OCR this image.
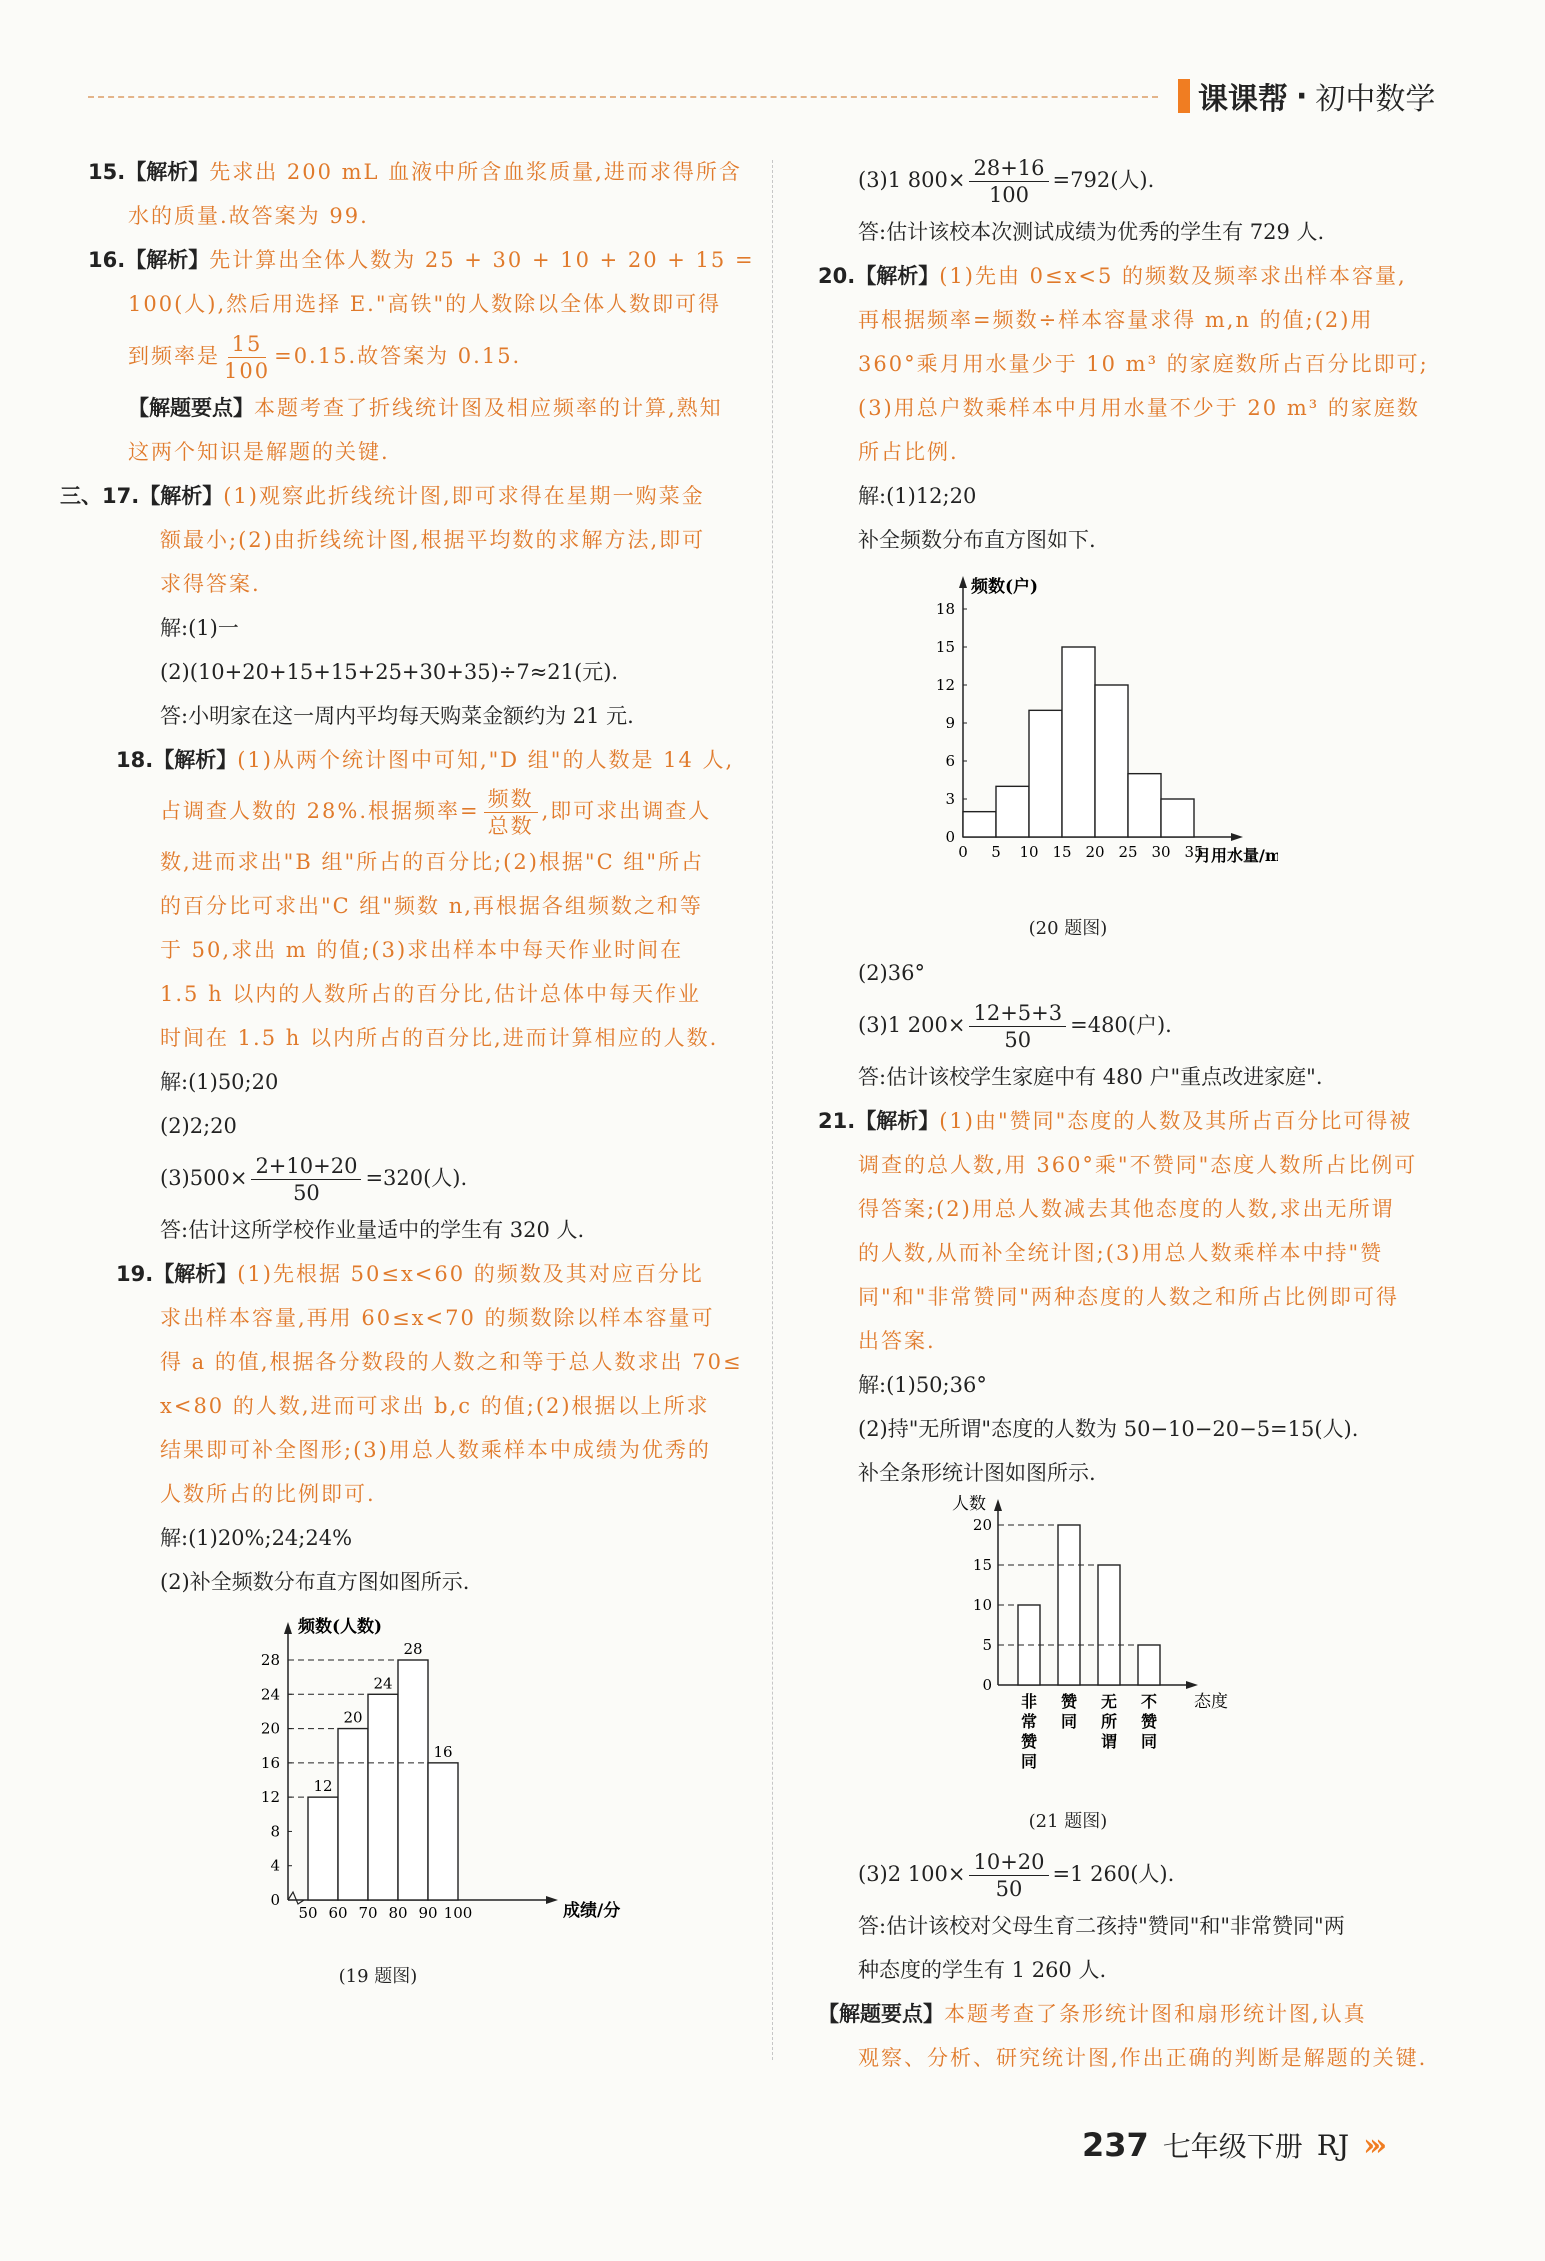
课课帮 · 初中数学
15.【解析】先求出 200 mL 血液中所含血浆质量,进而求得所含
水的质量.故答案为 99.
16.【解析】先计算出全体人数为 25 + 30 + 10 + 20 + 15 =
100(人),然后用选择 E."高铁"的人数除以全体人数即可得
到频率是 $\frac{15}{100} =0.15$.故答案为 0.15.
【解题要点】本题考查了折线统计图及相应频率的计算,熟知
这两个知识是解题的关键.
三、17.【解析】(1)观察此折线统计图,即可求得在星期一购菜金
额最小;(2)由折线统计图,根据平均数的求解方法,即可
求得答案.
解:(1)一
(2)(10+20+15+15+25+30+35)÷7≈21(元).
答:小明家在这一周内平均每天购菜金额约为 21 元.
18.【解析】(1)从两个统计图中可知,"D 组"的人数是 14 人,
占调查人数的 28%.根据频率= $\frac{\text{频数}}{\text{总数}}$ ,即可求出调查人
数,进而求出"B 组"所占的百分比;(2)根据"C 组"所占
的百分比可求出"C 组"频数 n,再根据各组频数之和等
于 50,求出 m 的值;(3)求出样本中每天作业时间在
1.5 h 以内的人数所占的百分比,估计总体中每天作业
时间在 1.5 h 以内所占的百分比,进而计算相应的人数.
解:(1)50;20
(2)2;20
$(3)500\times \frac{2+10+20}{50} =320$(人).
答:估计这所学校作业量适中的学生有 320 人.
19.【解析】(1)先根据 50≤x<60 的频数及其对应百分比
求出样本容量,再用 60≤x<70 的频数除以样本容量可
得 a 的值,根据各分数段的人数之和等于总人数求出 70≤
x<80 的人数,进而可求出 b,c 的值;(2)根据以上所求
结果即可补全图形;(3)用总人数乘样本中成绩为优秀的
人数所占的比例即可.
解:(1)20%;24;24%
(2)补全频数分布直方图如图所示.
频数(人数)
成绩/分
0
4
8
12
16
20
24
28
50 60 70 80 90 100
12
20
24
28
16
(19 题图)
(3)1 $800\times \frac{28+16}{100} =792$(人).
答:估计该校本次测试成绩为优秀的学生有 729 人.
20.【解析】(1)先由 0≤x<5 的频数及频率求出样本容量,
再根据频率=频数÷样本容量求得 m,n 的值;(2)用
360°乘月用水量少于 10 m³ 的家庭数所占百分比即可;
(3)用总户数乘样本中月用水量不少于 20 m³ 的家庭数
所占比例.
解:(1)12;20
补全频数分布直方图如下.
频数(户)
月用水量/m
0
3
6
9
12
15
18
0 5 10 15 20 25 30 35
(20 题图)
(2)36°
(3)1 $200\times \frac{12+5+3}{50} =480$(户).
答:估计该校学生家庭中有 480 户"重点改进家庭".
21.【解析】(1)由"赞同"态度的人数及其所占百分比可得被
调查的总人数,用 360°乘"不赞同"态度人数所占比例可
得答案;(2)用总人数减去其他态度的人数,求出无所谓
的人数,从而补全统计图;(3)用总人数乘样本中持"赞
同"和"非常赞同"两种态度的人数之和所占比例即可得
出答案.
解:(1)50;36°
(2)持"无所谓"态度的人数为 50−10−20−5=15(人).
补全条形统计图如图所示.
人数
态度
0
5
10
15
20
非
常
赞
同
赞
同
无
所
谓
不
赞
同
(21 题图)
(3)2 $100\times \frac{10+20}{50} =1$ 260(人).
答:估计该校对父母生育二孩持"赞同"和"非常赞同"两
种态度的学生有 1 260 人.
【解题要点】本题考查了条形统计图和扇形统计图,认真
观察、分析、研究统计图,作出正确的判断是解题的关键.
237 七年级下册 RJ ›››
